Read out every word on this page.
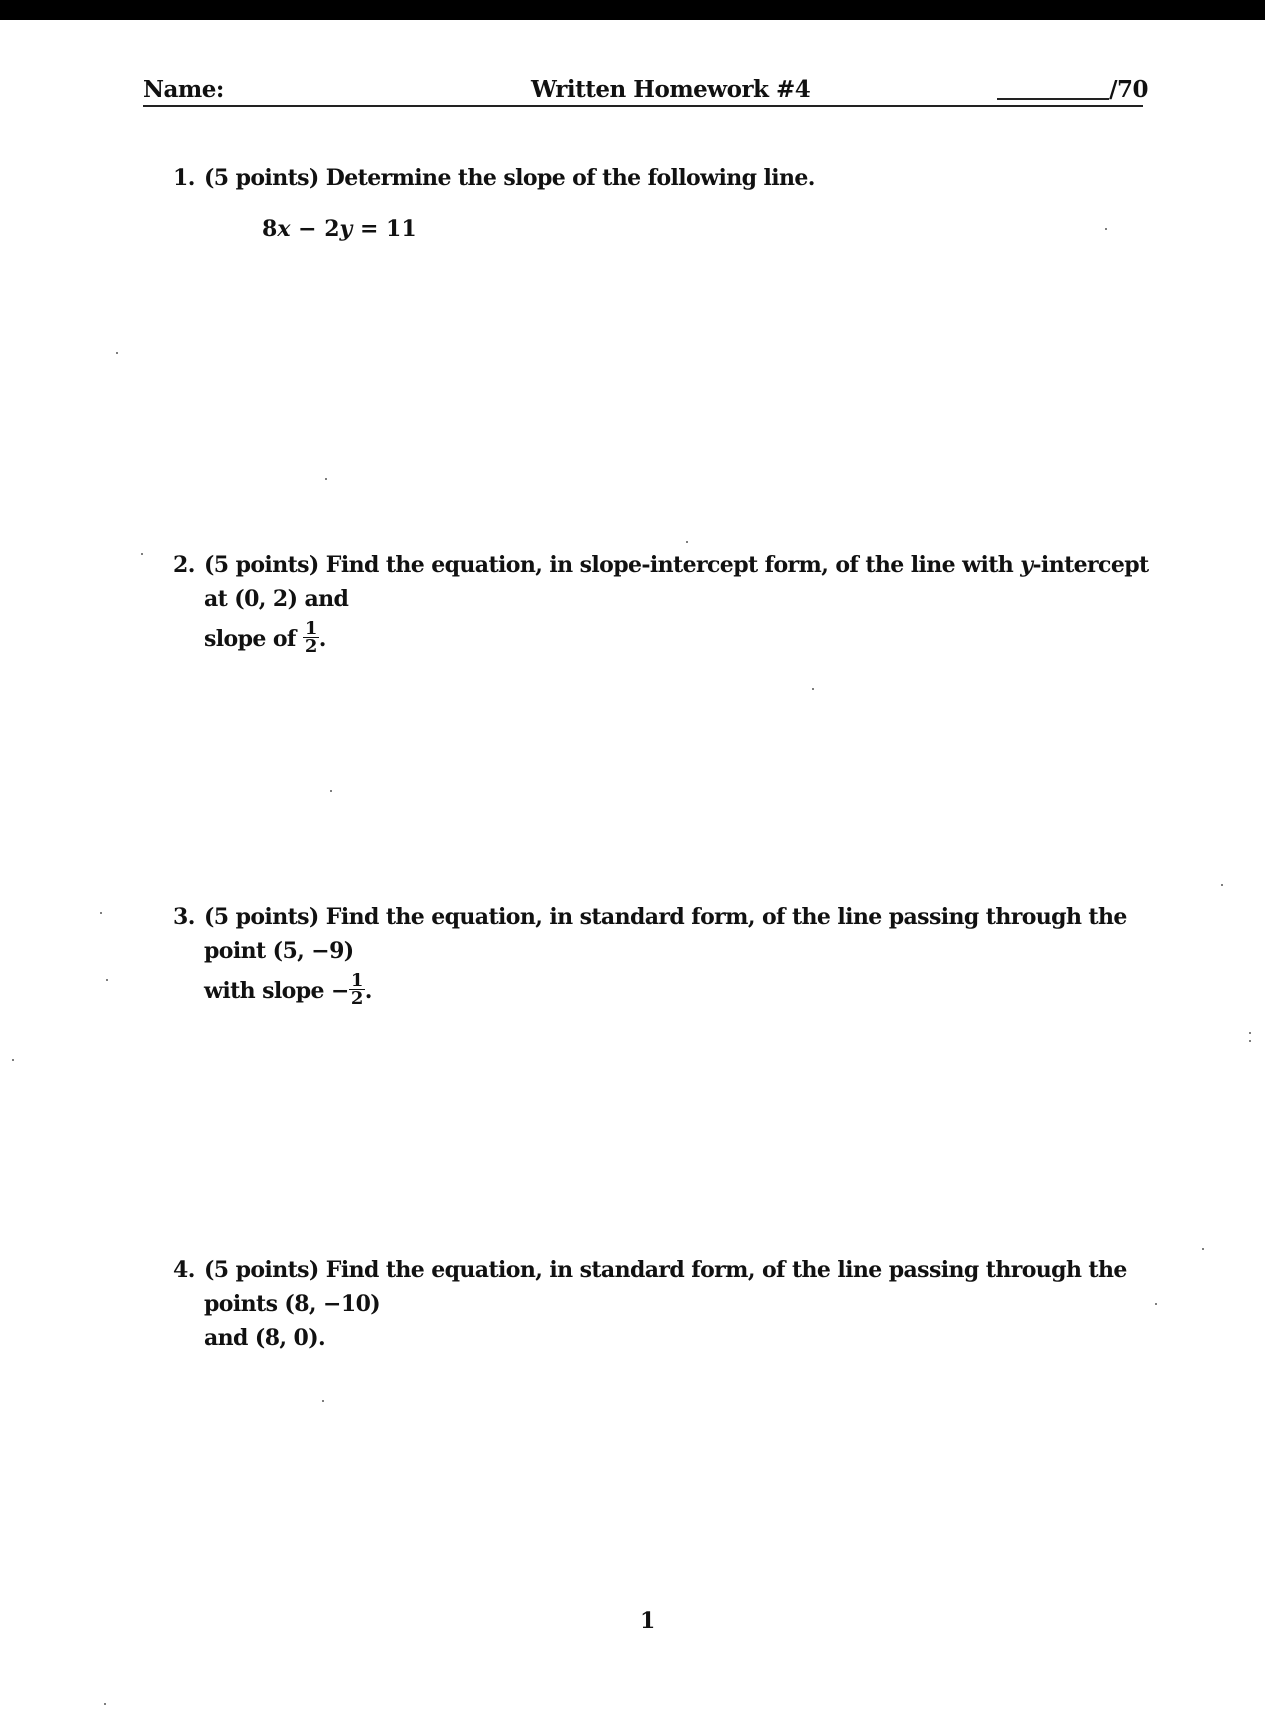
Name:	Written Homework #4	/70
1. (5 points) Determine the slope of the following line.
8x − 2y = 11
2. (5 points) Find the equation, in slope-intercept form, of the line with y-intercept at (0, 2) and
slope of $\frac{1}{2}$ .
3. (5 points) Find the equation, in standard form, of the line passing through the point (5, −9)
with slope − $\frac{1}{2}$ .
4. (5 points) Find the equation, in standard form, of the line passing through the points (8, −10)
and (8, 0).
1
